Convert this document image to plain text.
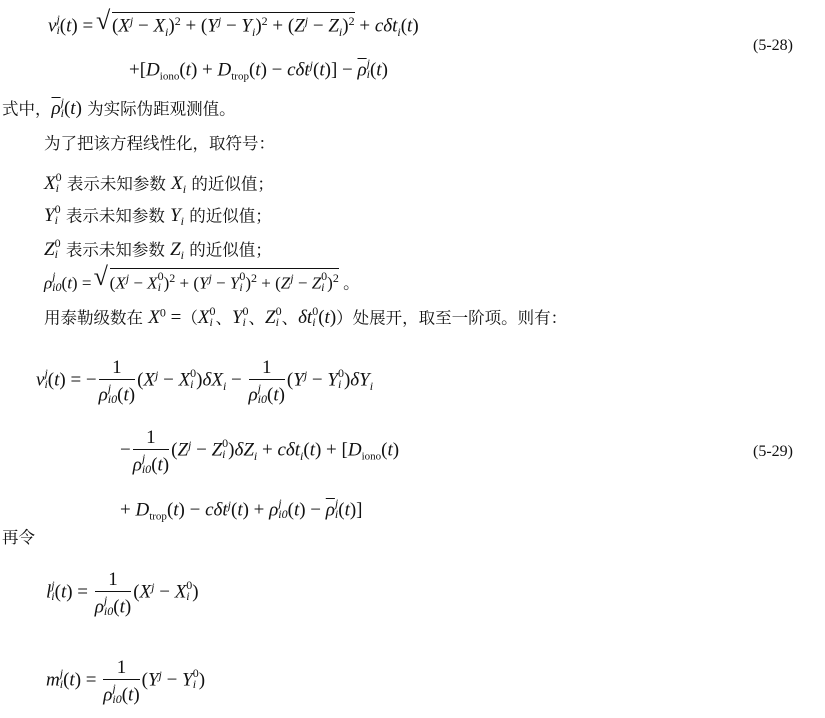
v j
i (t) = √ $(X^j - X_i)^2 + (Y^j - Y_i)^2 + (Z^j - Z_i)^2 + c\delta t_i(t)$
$+[D_{iono}(t) + D_{trop}(t) - c\delta t^j(t)] - \overline{\rho}$ j
i (t)
(5-28)
式中，$\overline{\rho}$ j
i (t) 为实际伪距观测值。
为了把该方程线性化，取符号：
X 0
i 表示未知参数 $X_i$ 的近似值；
Y 0
i 表示未知参数 $Y_i$ 的近似值；
Z 0
i 表示未知参数 $Z_i$ 的近似值；
ρ j
i0 (t) = √ ($X^j - X$ 0
i )$^2 + (Y^j - Y$ 0
i )$^2 + (Z^j - Z$ 0
i )$^2$ 。
用泰勒级数在 $X^0 =(X$ 0
i 、Y 0
i 、Z 0
i 、δt 0
i (t)）处展开，取至一阶项。则有：
v j
i (t) = − 1
ρ j
i0 (t) ($X^j - X$ 0
i )$\delta X_i - 1$
ρ j
i0 (t) ($Y^j - Y$ 0
i )$\delta Y_i$
− 1
ρ j
i0 (t) ($Z^j - Z$ 0
i )$\delta Z_i + c\delta t_i(t) + [D_{iono}(t)$	(5-29)
+ $D_{trop}(t) - c\delta t^j(t) + \rho$ j
i0 $(t) - \overline{\rho}$ j
i (t)]
再令
l j
i (t) = 1
ρ j
i0 (t) ($X^j - X$ 0
i )
m j
i (t) = 1
ρ j
i0 (t) ($Y^j - Y$ 0
i )
